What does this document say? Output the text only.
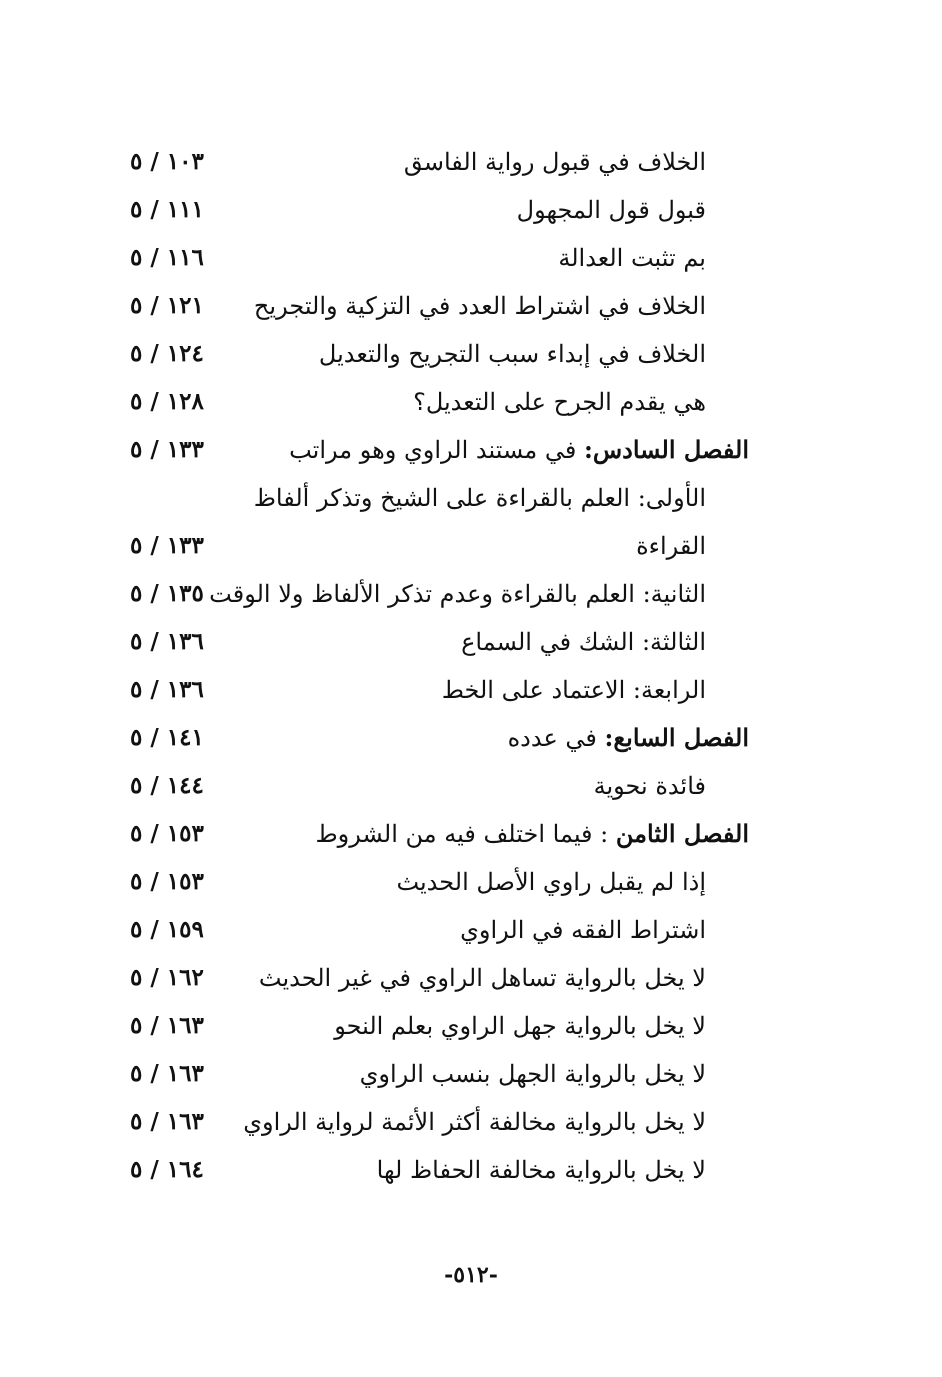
الخلاف في قبول رواية الفاسق
١٠٣ / ٥
قبول قول المجهول
١١١ / ٥
بم تثبت العدالة
١١٦ / ٥
الخلاف في اشتراط العدد في التزكية والتجريح
١٢١ / ٥
الخلاف في إبداء سبب التجريح والتعديل
١٢٤ / ٥
هي يقدم الجرح على التعديل؟
١٢٨ / ٥
الفصل السادس: في مستند الراوي وهو مراتب
١٣٣ / ٥
الأولى: العلم بالقراءة على الشيخ وتذكر ألفاظ
القراءة
١٣٣ / ٥
الثانية: العلم بالقراءة وعدم تذكر الألفاظ ولا الوقت
١٣٥ / ٥
الثالثة: الشك في السماع
١٣٦ / ٥
الرابعة: الاعتماد على الخط
١٣٦ / ٥
الفصل السابع: في عدده
١٤١ / ٥
فائدة نحوية
١٤٤ / ٥
الفصل الثامن : فيما اختلف فيه من الشروط
١٥٣ / ٥
إذا لم يقبل راوي الأصل الحديث
١٥٣ / ٥
اشتراط الفقه في الراوي
١٥٩ / ٥
لا يخل بالرواية تساهل الراوي في غير الحديث
١٦٢ / ٥
لا يخل بالرواية جهل الراوي بعلم النحو
١٦٣ / ٥
لا يخل بالرواية الجهل بنسب الراوي
١٦٣ / ٥
لا يخل بالرواية مخالفة أكثر الأئمة لرواية الراوي
١٦٣ / ٥
لا يخل بالرواية مخالفة الحفاظ لها
١٦٤ / ٥
-٥١٢-
